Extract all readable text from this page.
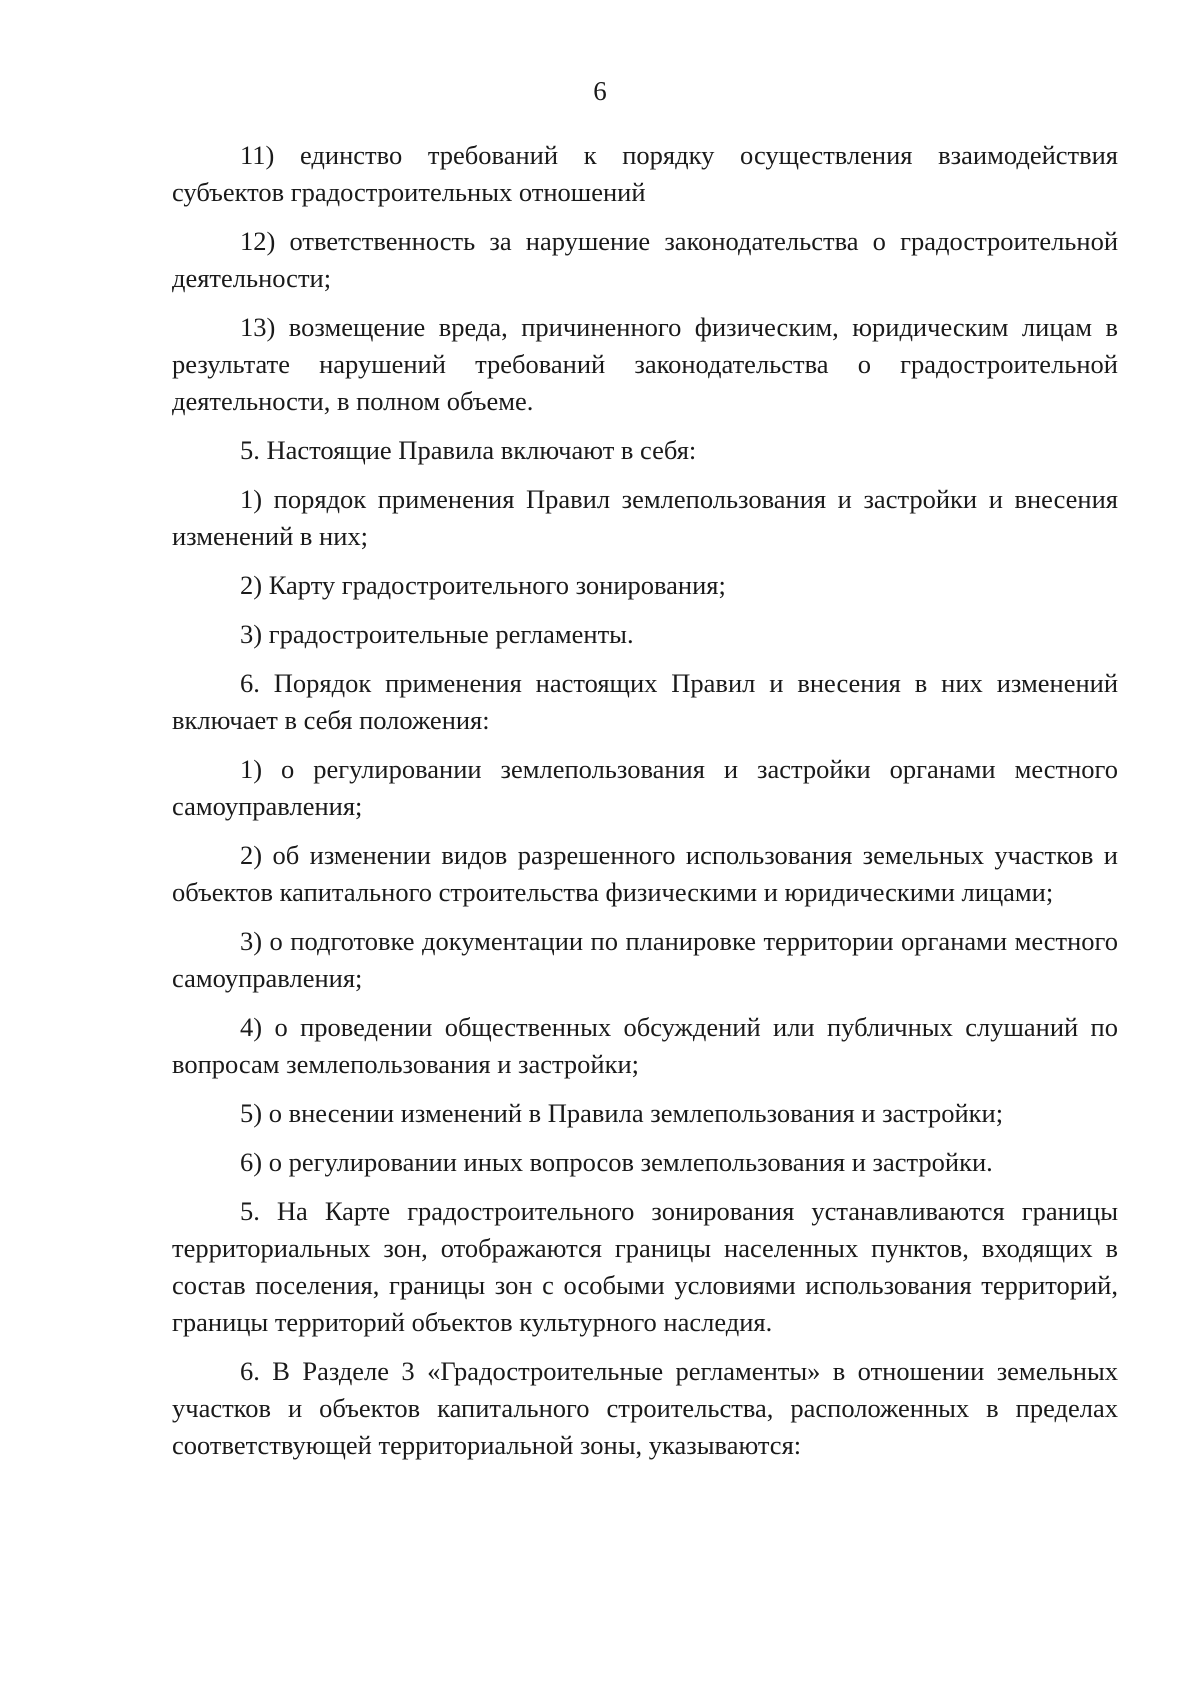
6

11) единство требований к порядку осуществления взаимодействия субъектов градостроительных отношений

12) ответственность за нарушение законодательства о градостроительной деятельности;

13) возмещение вреда, причиненного физическим, юридическим лицам в результате нарушений требований законодательства о градостроительной деятельности, в полном объеме.

5. Настоящие Правила включают в себя:

1) порядок применения Правил землепользования и застройки и внесения изменений в них;

2) Карту градостроительного зонирования;

3) градостроительные регламенты.

6. Порядок применения настоящих Правил и внесения в них изменений включает в себя положения:

1) о регулировании землепользования и застройки органами местного самоуправления;

2) об изменении видов разрешенного использования земельных участков и объектов капитального строительства физическими и юридическими лицами;

3) о подготовке документации по планировке территории органами местного самоуправления;

4) о проведении общественных обсуждений или публичных слушаний по вопросам землепользования и застройки;

5) о внесении изменений в Правила землепользования и застройки;

6) о регулировании иных вопросов землепользования и застройки.

5. На Карте градостроительного зонирования устанавливаются границы территориальных зон, отображаются границы населенных пунктов, входящих в состав поселения, границы зон с особыми условиями использования территорий, границы территорий объектов культурного наследия.

6. В Разделе 3 «Градостроительные регламенты» в отношении земельных участков и объектов капитального строительства, расположенных в пределах соответствующей территориальной зоны, указываются:
